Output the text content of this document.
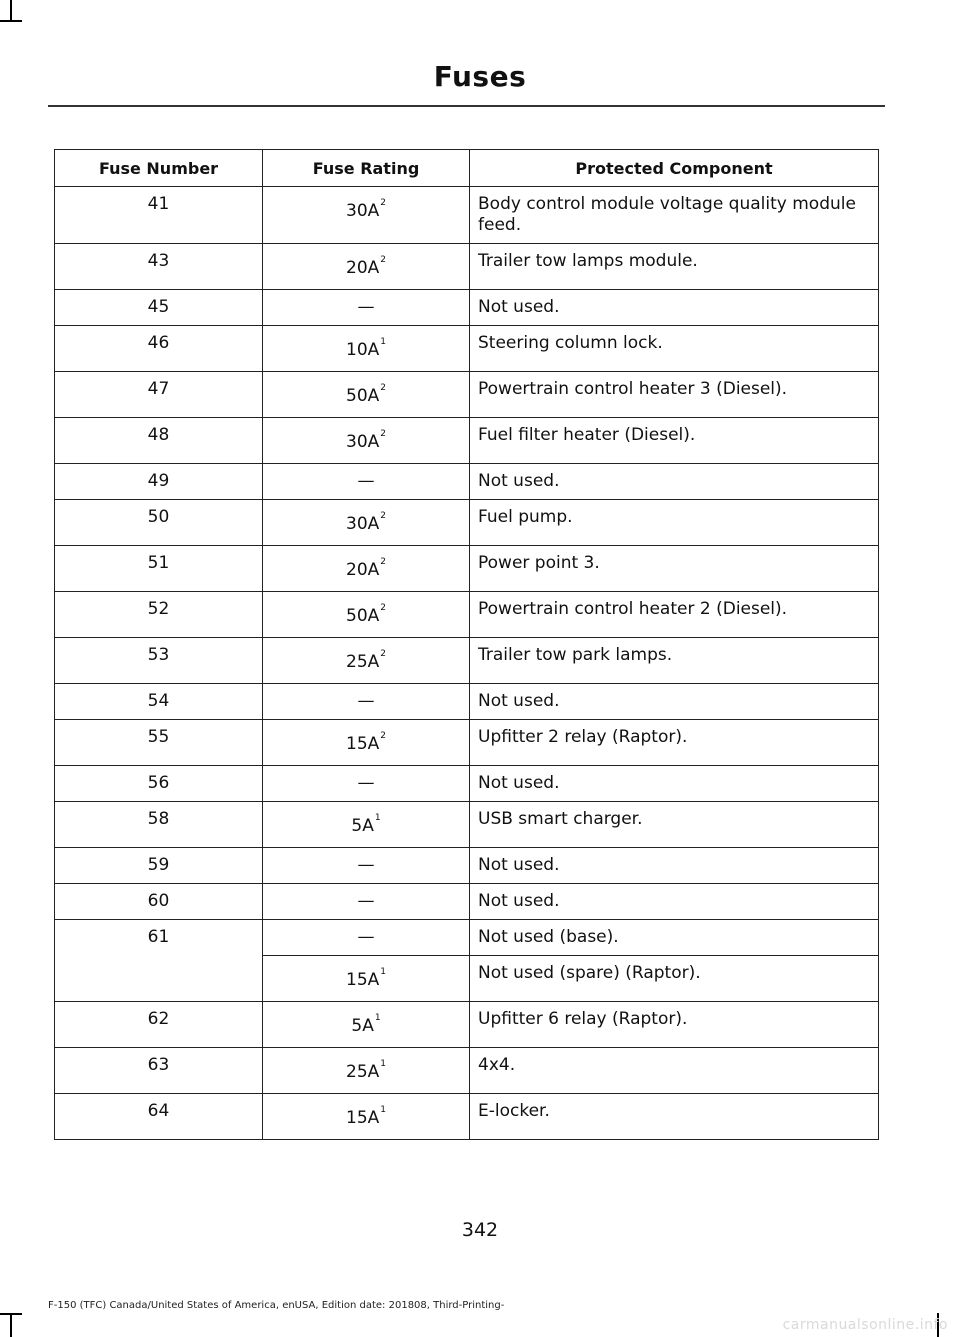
Fuses
Fuse Number	Fuse Rating	Protected Component
41	$30A^2$	Body control module voltage quality module feed.
43	$20A^2$	Trailer tow lamps module.
45	—	Not used.
46	$10A^1$	Steering column lock.
47	$50A^2$	Powertrain control heater 3 (Diesel).
48	$30A^2$	Fuel filter heater (Diesel).
49	—	Not used.
50	$30A^2$	Fuel pump.
51	$20A^2$	Power point 3.
52	$50A^2$	Powertrain control heater 2 (Diesel).
53	$25A^2$	Trailer tow park lamps.
54	—	Not used.
55	$15A^2$	Upfitter 2 relay (Raptor).
56	—	Not used.
58	$5A^1$	USB smart charger.
59	—	Not used.
60	—	Not used.
61	—	Not used (base).
	$15A^1$	Not used (spare) (Raptor).
62	$5A^1$	Upfitter 6 relay (Raptor).
63	$25A^1$	4x4.
64	$15A^1$	E-locker.
342
F-150 (TFC) Canada/United States of America, enUSA, Edition date: 201808, Third-Printing-
carmanualsonline.info
